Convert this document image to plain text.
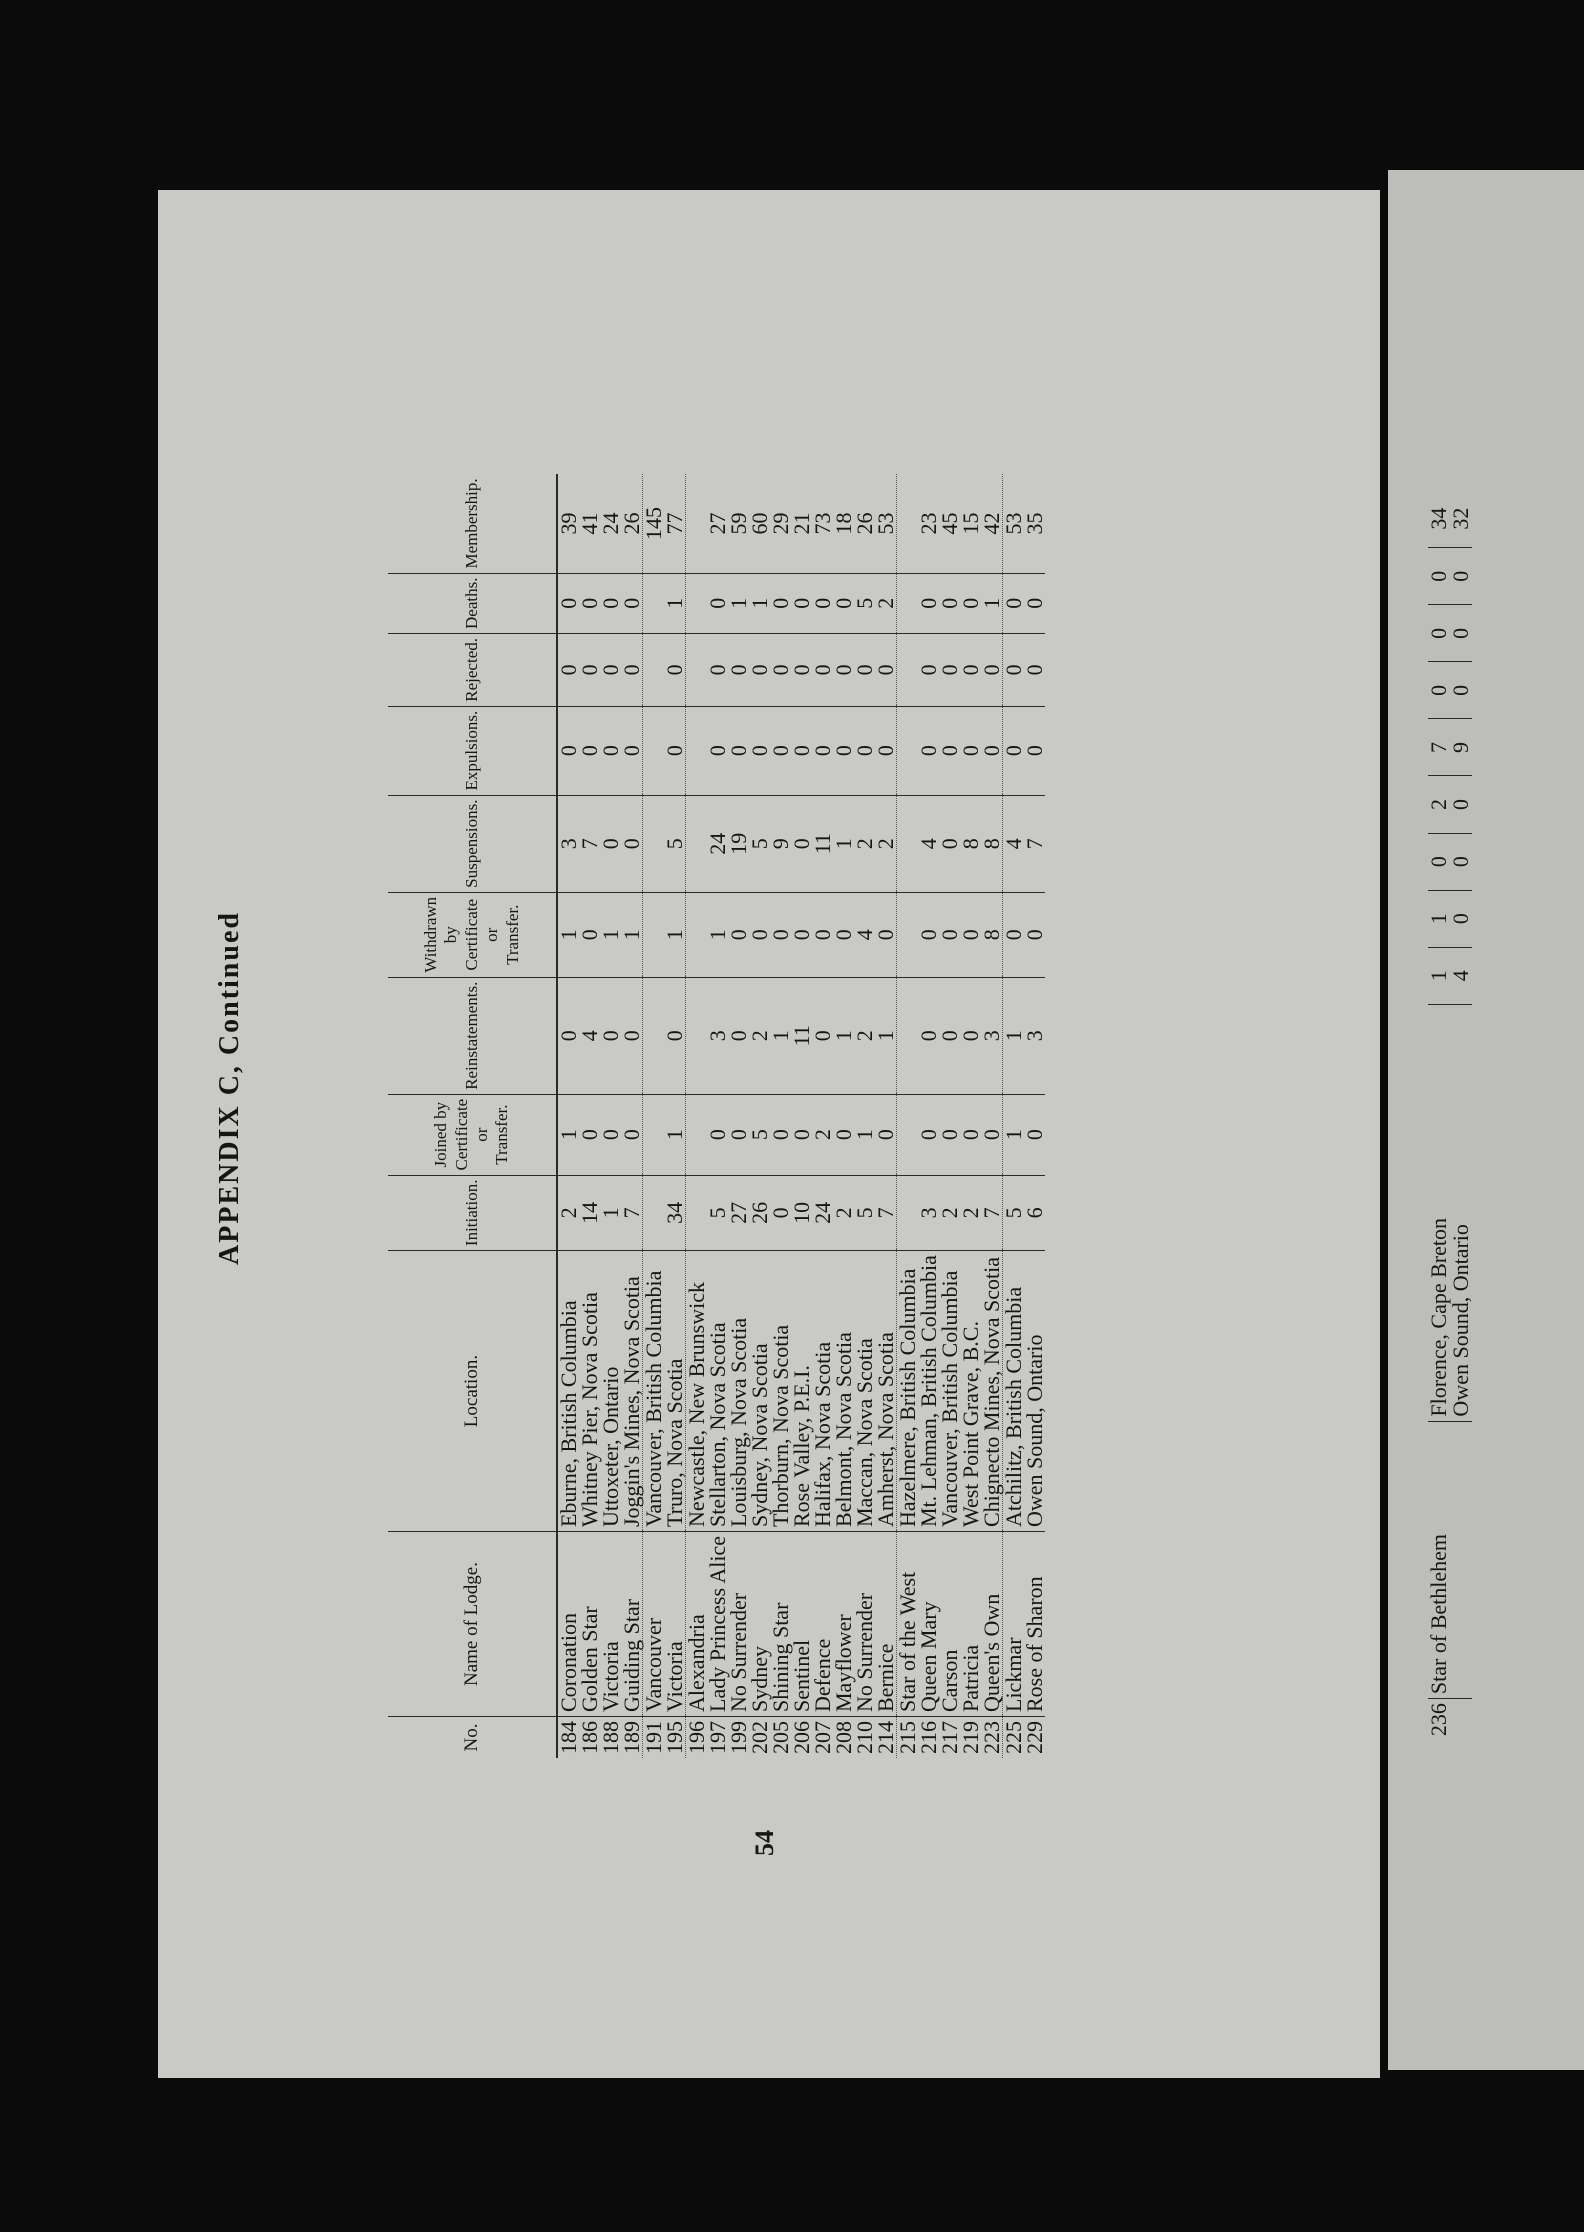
APPENDIX C, Continued
54
No.	Name of Lodge.	Location.	Initiation.	Joined by Certificate or Transfer.	Reinstatements.	Withdrawn by Certificate or Transfer.	Suspensions.	Expulsions.	Rejected.	Deaths.	Membership.
184	Coronation	Eburne, British Columbia	2	1	0	1	3	0	0	0	39
186	Golden Star	Whitney Pier, Nova Scotia	14	0	4	0	7	0	0	0	41
188	Victoria	Uttoxeter, Ontario	1	0	0	1	0	0	0	0	24
189	Guiding Star	Joggin's Mines, Nova Scotia	7	0	0	1	0	0	0	0	26
191	Vancouver	Vancouver, British Columbia									145
195	Victoria	Truro, Nova Scotia	34	1	0	1	5	0	0	1	77
196	Alexandria	Newcastle, New Brunswick									
197	Lady Princess Alice	Stellarton, Nova Scotia	5	0	3	1	24	0	0	0	27
199	No Surrender	Louisburg, Nova Scotia	27	0	0	0	19	0	0	1	59
202	Sydney	Sydney, Nova Scotia	26	5	2	0	5	0	0	1	60
205	Shining Star	Thorburn, Nova Scotia	0	0	1	0	9	0	0	0	29
206	Sentinel	Rose Valley, P.E.I.	10	0	11	0	0	0	0	0	21
207	Defence	Halifax, Nova Scotia	24	2	0	0	11	0	0	0	73
208	Mayflower	Belmont, Nova Scotia	2	0	1	0	1	0	0	0	18
210	No Surrender	Maccan, Nova Scotia	5	1	2	4	2	0	0	5	26
214	Bernice	Amherst, Nova Scotia	7	0	1	0	2	0	0	2	53
215	Star of the West	Hazelmere, British Columbia									
216	Queen Mary	Mt. Lehman, British Columbia	3	0	0	0	4	0	0	0	23
217	Carson	Vancouver, British Columbia	2	0	0	0	0	0	0	0	45
219	Patricia	West Point Grave, B.C.	2	0	0	0	8	0	0	0	15
223	Queen's Own	Chignecto Mines, Nova Scotia	7	0	3	8	8	0	0	1	42
225	Lickmar	Atchilitz, British Columbia	5	1	1	0	4	0	0	0	53
229	Rose of Sharon	Owen Sound, Ontario	6	0	3	0	7	0	0	0	35
236	Star of Bethlehem	Florence, Cape Breton	1	1	0	2	7	0	0	0	34
		Owen Sound, Ontario	4	0	0	0	9	0	0	0	32
